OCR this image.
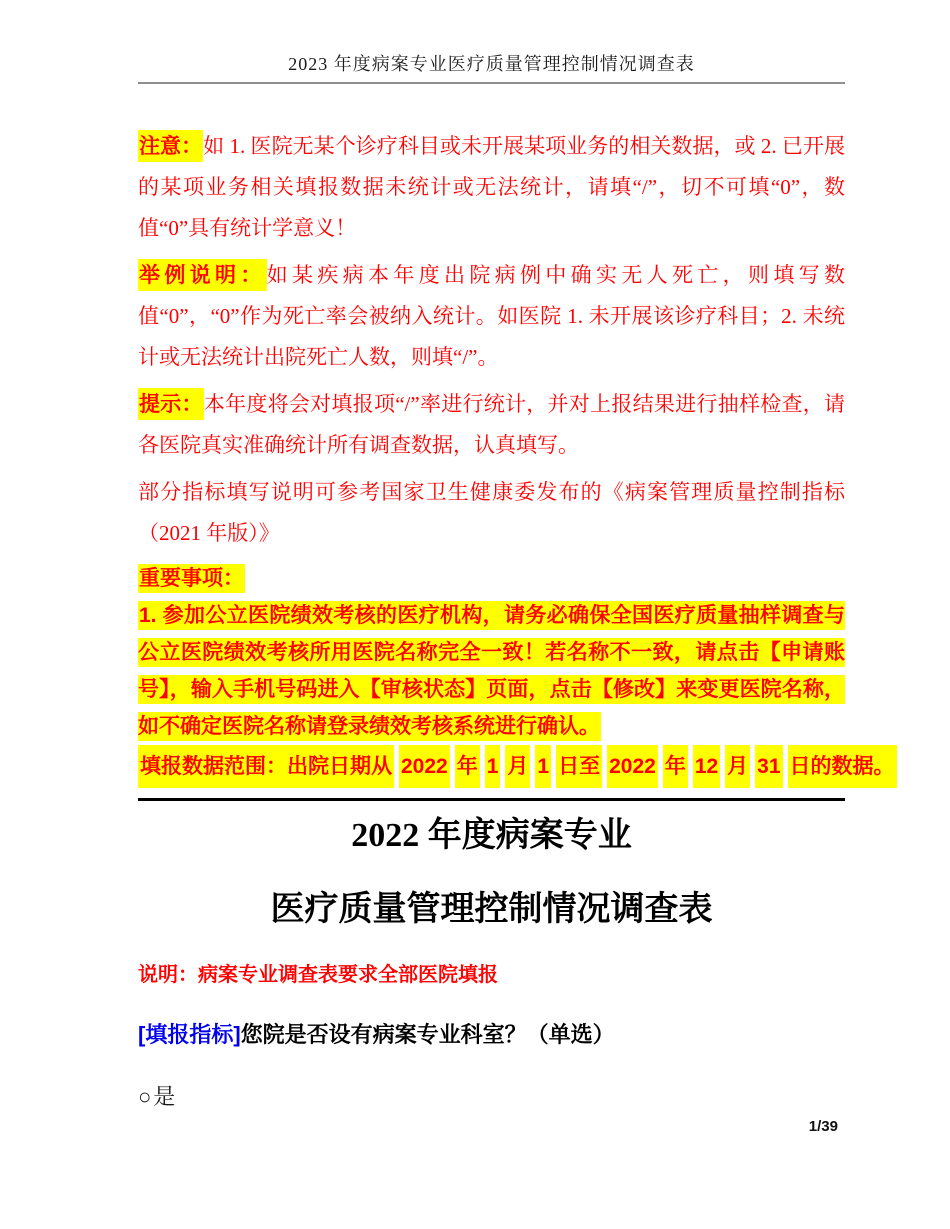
2023 年度病案专业医疗质量管理控制情况调查表

注意：如 1. 医院无某个诊疗科目或未开展某项业务的相关数据，或 2. 已开展的某项业务相关填报数据未统计或无法统计，请填“/”，切不可填“0”，数值“0”具有统计学意义！

举例说明：如某疾病本年度出院病例中确实无人死亡，则填写数值“0”，“0”作为死亡率会被纳入统计。如医院 1. 未开展该诊疗科目；2. 未统计或无法统计出院死亡人数，则填“/”。

提示：本年度将会对填报项“/”率进行统计，并对上报结果进行抽样检查，请各医院真实准确统计所有调查数据，认真填写。

部分指标填写说明可参考国家卫生健康委发布的《病案管理质量控制指标（2021 年版）》

重要事项：

1. 参加公立医院绩效考核的医疗机构，请务必确保全国医疗质量抽样调查与公立医院绩效考核所用医院名称完全一致！若名称不一致，请点击【申请账号】，输入手机号码进入【审核状态】页面，点击【修改】来变更医院名称，如不确定医院名称请登录绩效考核系统进行确认。

填报数据范围：出院日期从 2022 年 1 月 1 日至 2022 年 12 月 31 日的数据。

2022 年度病案专业
医疗质量管理控制情况调查表
说明：病案专业调查表要求全部医院填报
[填报指标]您院是否设有病案专业科室？（单选）
○是
1/39
